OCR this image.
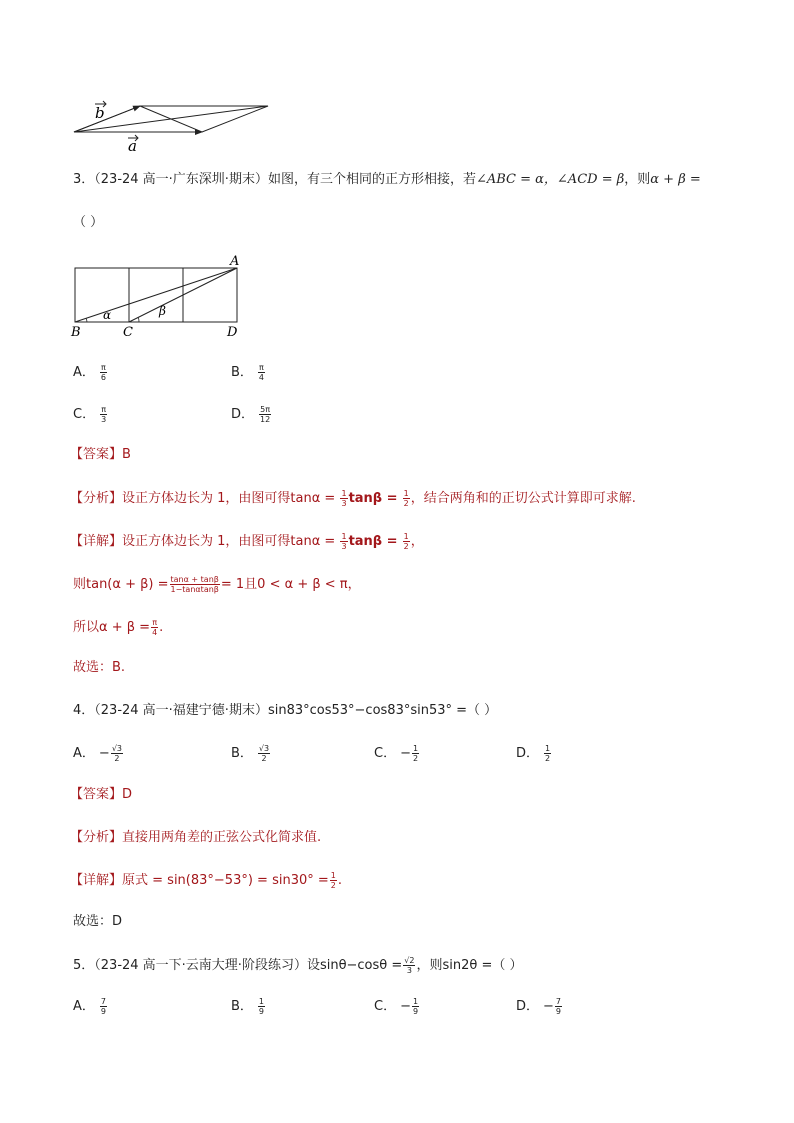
b
a
3．（23-24 高一·广东深圳·期末）如图，有三个相同的正方形相接，若∠ABC = α，∠ACD = β，则α + β =
（ ）
A
B	C	D
α	β
A． $\frac{\pi}{6}$	B． $\frac{\pi}{4}$
C． $\frac{\pi}{3}$	D． $\frac{5\pi}{12}$
【答案】B
【分析】设正方体边长为 1，由图可得$\tan\alpha = \frac{1}{3}$ $\tan\beta = \frac{1}{2}$ ，结合两角和的正切公式计算即可求解.
【详解】设正方体边长为 1，由图可得$\tan\alpha = \frac{1}{3}$ $\tan\beta = \frac{1}{2}$ ，
则$\tan(\alpha + \beta) = \frac{\tan\alpha + \tan\beta}{1-\tan\alpha\tan\beta} = 1$且0 < α + β < π，
所以$\alpha + \beta = \frac{\pi}{4}$ .
故选：B.
4．（23-24 高一·福建宁德·期末）sin83°cos53°−cos83°sin53° =（ ）
A． − $\frac{√3}{2}$	B． $\frac{√3}{2}$	C． − $\frac{1}{2}$	D． $\frac{1}{2}$
【答案】D
【分析】直接用两角差的正弦公式化简求值.
【详解】原式 = $\sin(83^\circ-53^\circ) = \sin 30^\circ = \frac{1}{2}$ .
故选：D
5．（23-24 高一下·云南大理·阶段练习）设$\sin\theta-\cos\theta = \frac{√2}{3}$ ，则sin2θ =（ ）
A． $\frac{7}{9}$	B． $\frac{1}{9}$	C． − $\frac{1}{9}$	D． − $\frac{7}{9}$
